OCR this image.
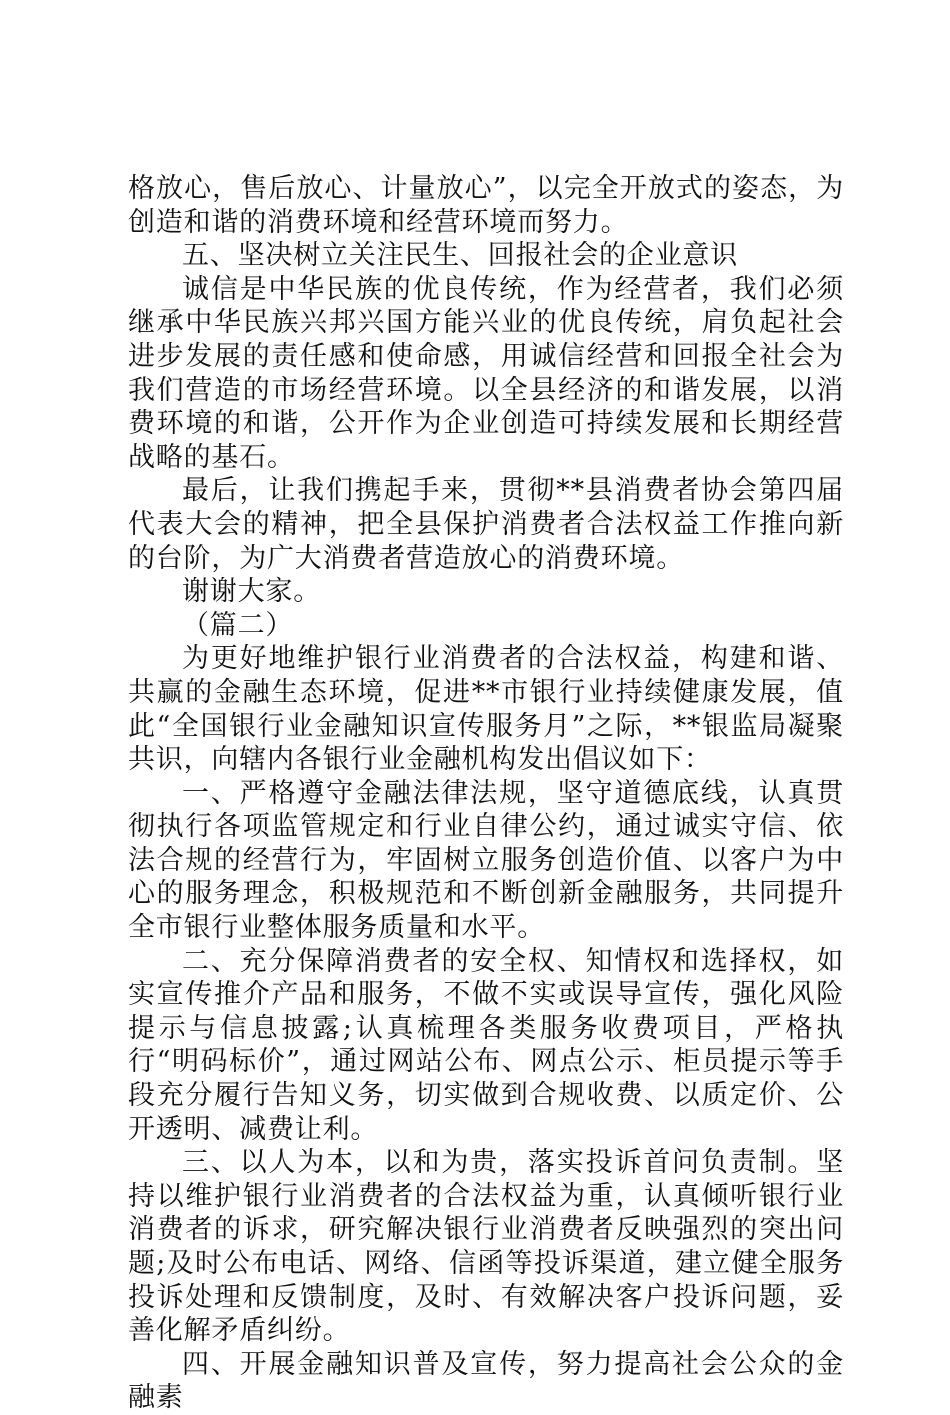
格放心，售后放心、计量放心”，以完全开放式的姿态，为创造和谐的消费环境和经营环境而努力。

五、坚决树立关注民生、回报社会的企业意识

诚信是中华民族的优良传统，作为经营者，我们必须继承中华民族兴邦兴国方能兴业的优良传统，肩负起社会进步发展的责任感和使命感，用诚信经营和回报全社会为我们营造的市场经营环境。以全县经济的和谐发展，以消费环境的和谐，公开作为企业创造可持续发展和长期经营战略的基石。

最后，让我们携起手来，贯彻**县消费者协会第四届代表大会的精神，把全县保护消费者合法权益工作推向新的台阶，为广大消费者营造放心的消费环境。

谢谢大家。

（篇二）

为更好地维护银行业消费者的合法权益，构建和谐、共赢的金融生态环境，促进**市银行业持续健康发展，值此“全国银行业金融知识宣传服务月”之际，**银监局凝聚共识，向辖内各银行业金融机构发出倡议如下：

一、严格遵守金融法律法规，坚守道德底线，认真贯彻执行各项监管规定和行业自律公约，通过诚实守信、依法合规的经营行为，牢固树立服务创造价值、以客户为中心的服务理念，积极规范和不断创新金融服务，共同提升全市银行业整体服务质量和水平。

二、充分保障消费者的安全权、知情权和选择权，如实宣传推介产品和服务，不做不实或误导宣传，强化风险提示与信息披露;认真梳理各类服务收费项目，严格执行“明码标价”，通过网站公布、网点公示、柜员提示等手段充分履行告知义务，切实做到合规收费、以质定价、公开透明、减费让利。

三、以人为本，以和为贵，落实投诉首问负责制。坚持以维护银行业消费者的合法权益为重，认真倾听银行业消费者的诉求，研究解决银行业消费者反映强烈的突出问题;及时公布电话、网络、信函等投诉渠道，建立健全服务投诉处理和反馈制度，及时、有效解决客户投诉问题，妥善化解矛盾纠纷。

四、开展金融知识普及宣传，努力提高社会公众的金融素
